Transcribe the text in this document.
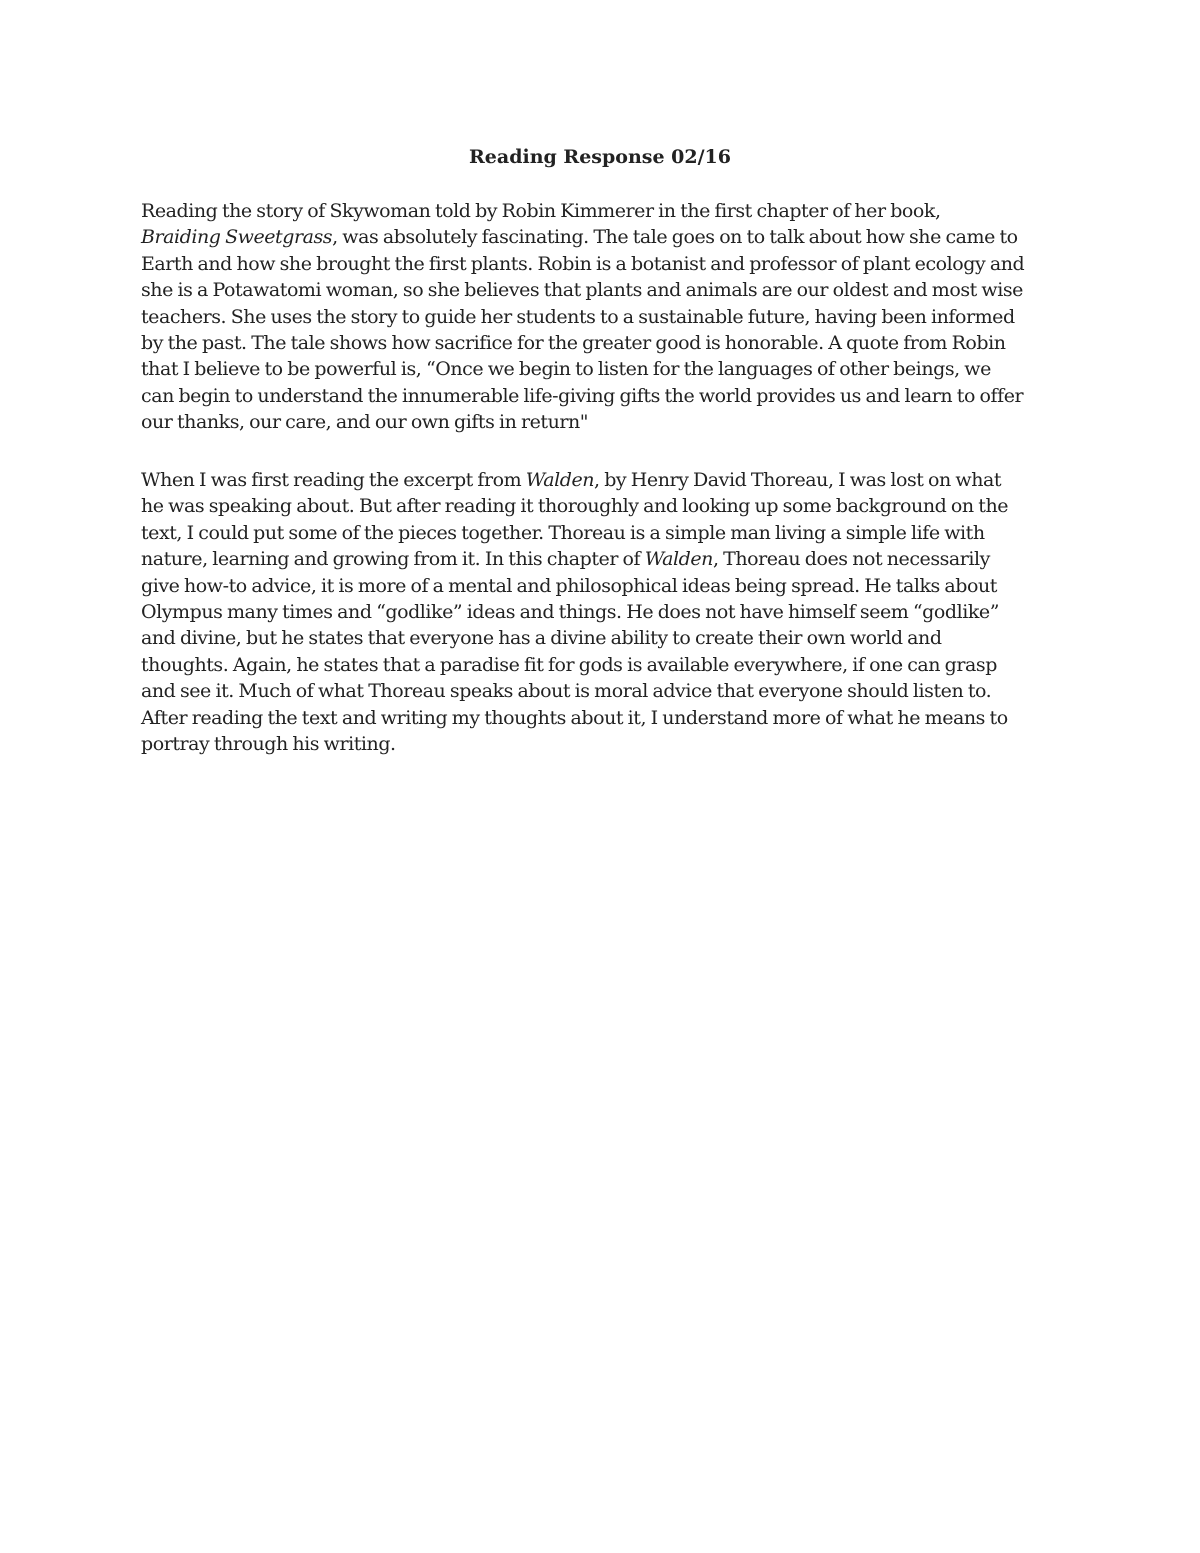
Reading Response 02/16

Reading the story of Skywoman told by Robin Kimmerer in the first chapter of her book,
Braiding Sweetgrass, was absolutely fascinating. The tale goes on to talk about how she came to
Earth and how she brought the first plants. Robin is a botanist and professor of plant ecology and
she is a Potawatomi woman, so she believes that plants and animals are our oldest and most wise
teachers. She uses the story to guide her students to a sustainable future, having been informed
by the past. The tale shows how sacrifice for the greater good is honorable. A quote from Robin
that I believe to be powerful is, “Once we begin to listen for the languages of other beings, we
can begin to understand the innumerable life-giving gifts the world provides us and learn to offer
our thanks, our care, and our own gifts in return"

When I was first reading the excerpt from Walden, by Henry David Thoreau, I was lost on what
he was speaking about. But after reading it thoroughly and looking up some background on the
text, I could put some of the pieces together. Thoreau is a simple man living a simple life with
nature, learning and growing from it. In this chapter of Walden, Thoreau does not necessarily
give how-to advice, it is more of a mental and philosophical ideas being spread. He talks about
Olympus many times and “godlike” ideas and things. He does not have himself seem “godlike”
and divine, but he states that everyone has a divine ability to create their own world and
thoughts. Again, he states that a paradise fit for gods is available everywhere, if one can grasp
and see it. Much of what Thoreau speaks about is moral advice that everyone should listen to.
After reading the text and writing my thoughts about it, I understand more of what he means to
portray through his writing.
